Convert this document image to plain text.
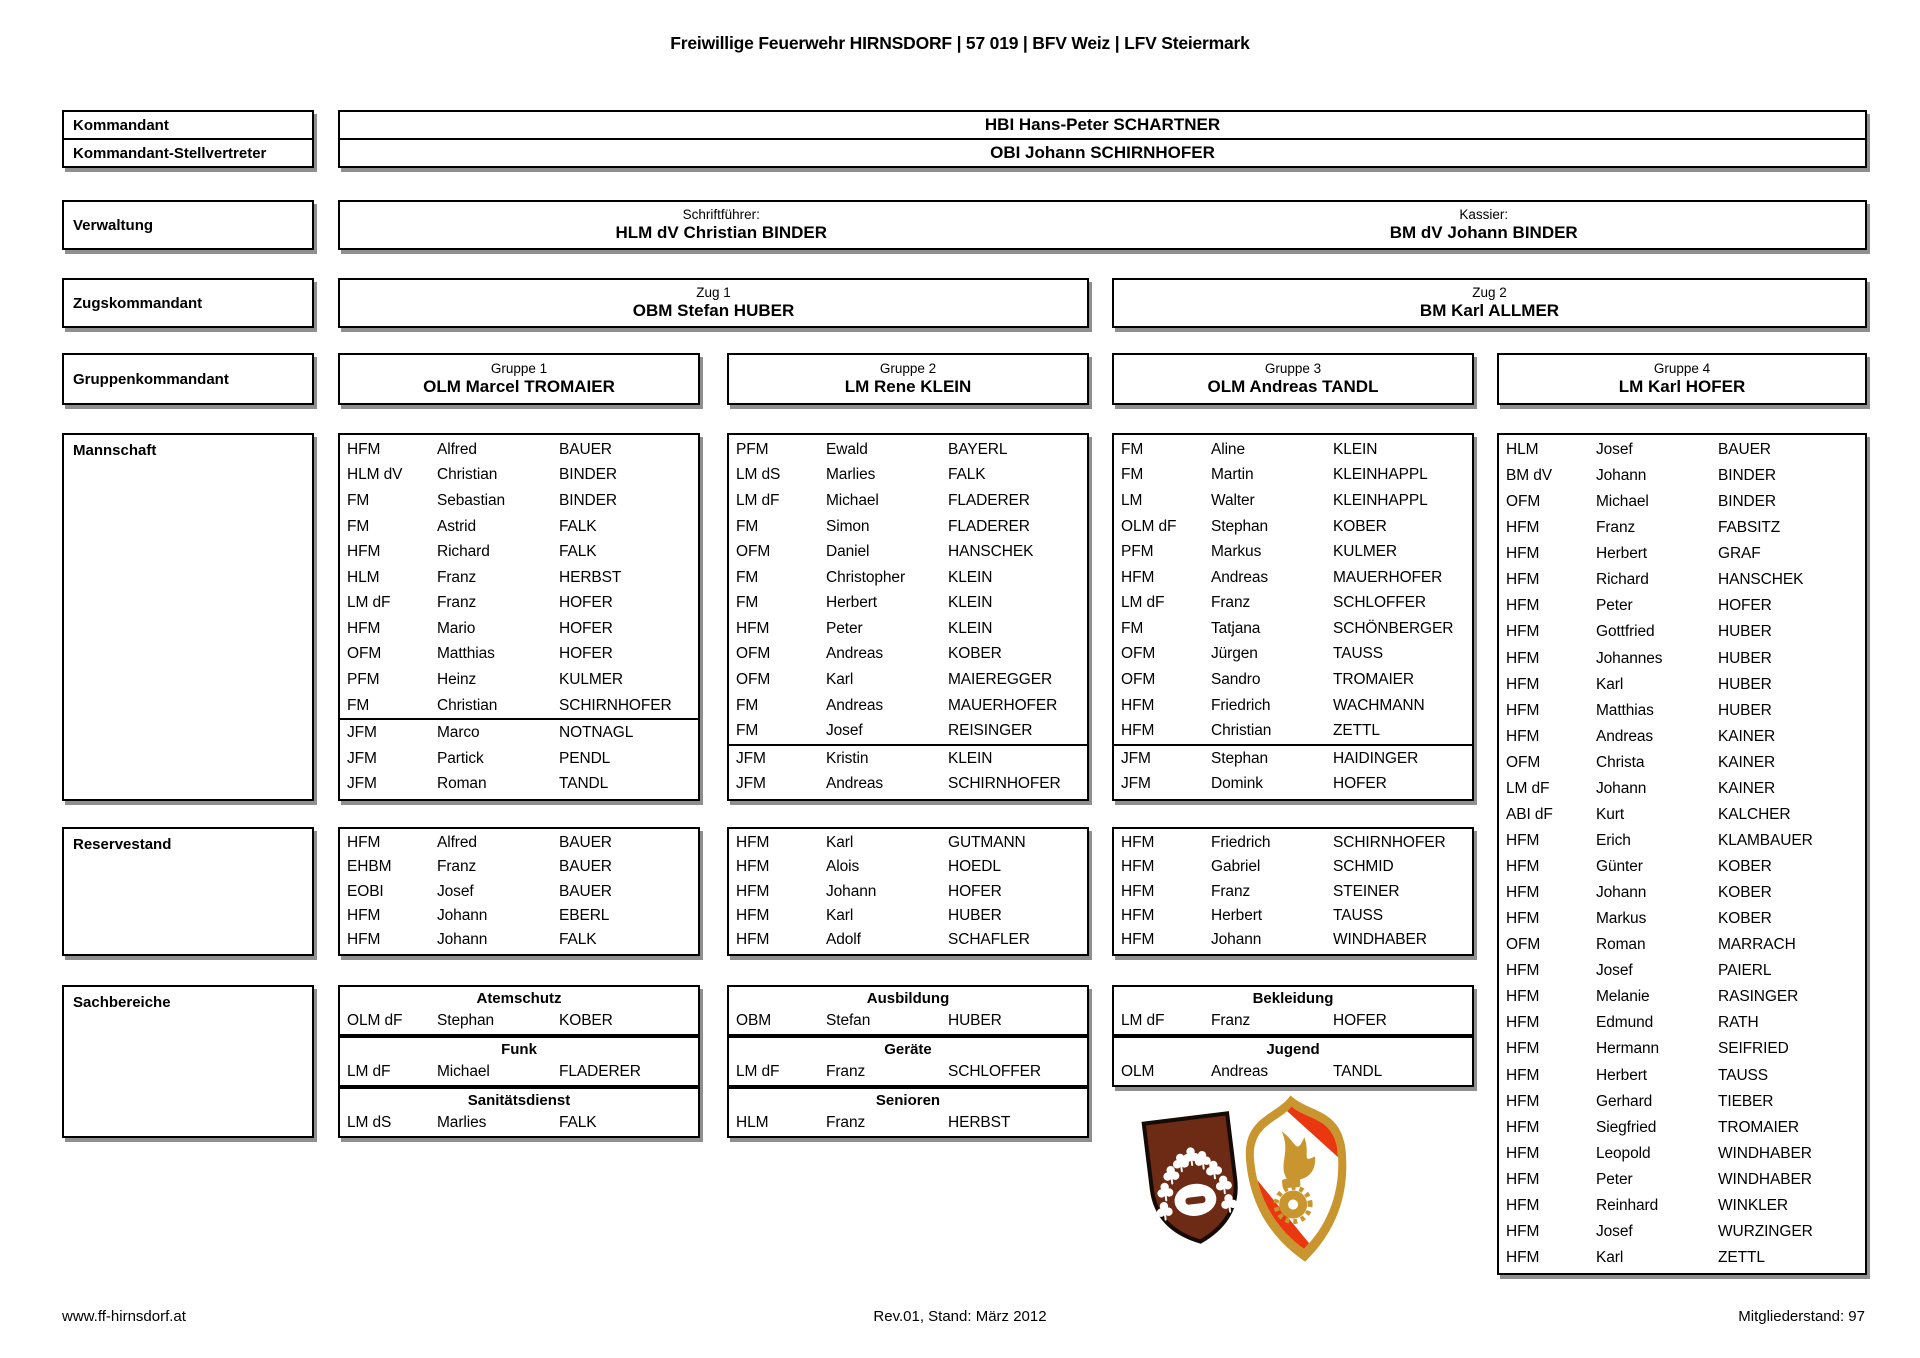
Freiwillige Feuerwehr HIRNSDORF | 57 019 | BFV Weiz | LFV Steiermark
Kommandant
Kommandant-Stellvertreter
HBI Hans-Peter SCHARTNER
OBI Johann SCHIRNHOFER
Verwaltung
Schriftführer:
HLM dV Christian BINDER
Kassier:
BM dV Johann BINDER
Zugskommandant
Zug 1
OBM Stefan HUBER
Zug 2
BM Karl ALLMER
Gruppenkommandant
Gruppe 1
OLM Marcel TROMAIER
Gruppe 2
LM Rene KLEIN
Gruppe 3
OLM Andreas TANDL
Gruppe 4
LM Karl HOFER
Mannschaft	HFM	Alfred	BAUER
HLM dV	Christian	BINDER
FM	Sebastian	BINDER
FM	Astrid	FALK
HFM	Richard	FALK
HLM	Franz	HERBST
LM dF	Franz	HOFER
HFM	Mario	HOFER
OFM	Matthias	HOFER
PFM	Heinz	KULMER
FM	Christian	SCHIRNHOFER
JFM	Marco	NOTNAGL
JFM	Partick	PENDL
JFM	Roman	TANDL
PFM	Ewald	BAYERL
LM dS	Marlies	FALK
LM dF	Michael	FLADERER
FM	Simon	FLADERER
OFM	Daniel	HANSCHEK
FM	Christopher	KLEIN
FM	Herbert	KLEIN
HFM	Peter	KLEIN
OFM	Andreas	KOBER
OFM	Karl	MAIEREGGER
FM	Andreas	MAUERHOFER
FM	Josef	REISINGER
JFM	Kristin	KLEIN
JFM	Andreas	SCHIRNHOFER
FM	Aline	KLEIN
FM	Martin	KLEINHAPPL
LM	Walter	KLEINHAPPL
OLM dF	Stephan	KOBER
PFM	Markus	KULMER
HFM	Andreas	MAUERHOFER
LM dF	Franz	SCHLOFFER
FM	Tatjana	SCHÖNBERGER
OFM	Jürgen	TAUSS
OFM	Sandro	TROMAIER
HFM	Friedrich	WACHMANN
HFM	Christian	ZETTL
JFM	Stephan	HAIDINGER
JFM	Domink	HOFER
HLM	Josef	BAUER
BM dV	Johann	BINDER
OFM	Michael	BINDER
HFM	Franz	FABSITZ
HFM	Herbert	GRAF
HFM	Richard	HANSCHEK
HFM	Peter	HOFER
HFM	Gottfried	HUBER
HFM	Johannes	HUBER
HFM	Karl	HUBER
HFM	Matthias	HUBER
HFM	Andreas	KAINER
OFM	Christa	KAINER
LM dF	Johann	KAINER
ABI dF	Kurt	KALCHER
HFM	Erich	KLAMBAUER
HFM	Günter	KOBER
HFM	Johann	KOBER
HFM	Markus	KOBER
OFM	Roman	MARRACH
HFM	Josef	PAIERL
HFM	Melanie	RASINGER
HFM	Edmund	RATH
HFM	Hermann	SEIFRIED
HFM	Herbert	TAUSS
HFM	Gerhard	TIEBER
HFM	Siegfried	TROMAIER
HFM	Leopold	WINDHABER
HFM	Peter	WINDHABER
HFM	Reinhard	WINKLER
HFM	Josef	WURZINGER
HFM	Karl	ZETTL
Reservestand	HFM	Alfred	BAUER
EHBM	Franz	BAUER
EOBI	Josef	BAUER
HFM	Johann	EBERL
HFM	Johann	FALK
HFM	Karl	GUTMANN
HFM	Alois	HOEDL
HFM	Johann	HOFER
HFM	Karl	HUBER
HFM	Adolf	SCHAFLER
HFM	Friedrich	SCHIRNHOFER
HFM	Gabriel	SCHMID
HFM	Franz	STEINER
HFM	Herbert	TAUSS
HFM	Johann	WINDHABER
Sachbereiche	Atemschutz
OLM dF	Stephan	KOBER
Funk
LM dF	Michael	FLADERER
Sanitätsdienst
LM dS	Marlies	FALK
Ausbildung
OBM	Stefan	HUBER
Geräte
LM dF	Franz	SCHLOFFER
Senioren
HLM	Franz	HERBST
Bekleidung
LM dF	Franz	HOFER
Jugend
OLM	Andreas	TANDL
www.ff-hirnsdorf.at	Rev.01, Stand: März 2012	Mitgliederstand: 97
